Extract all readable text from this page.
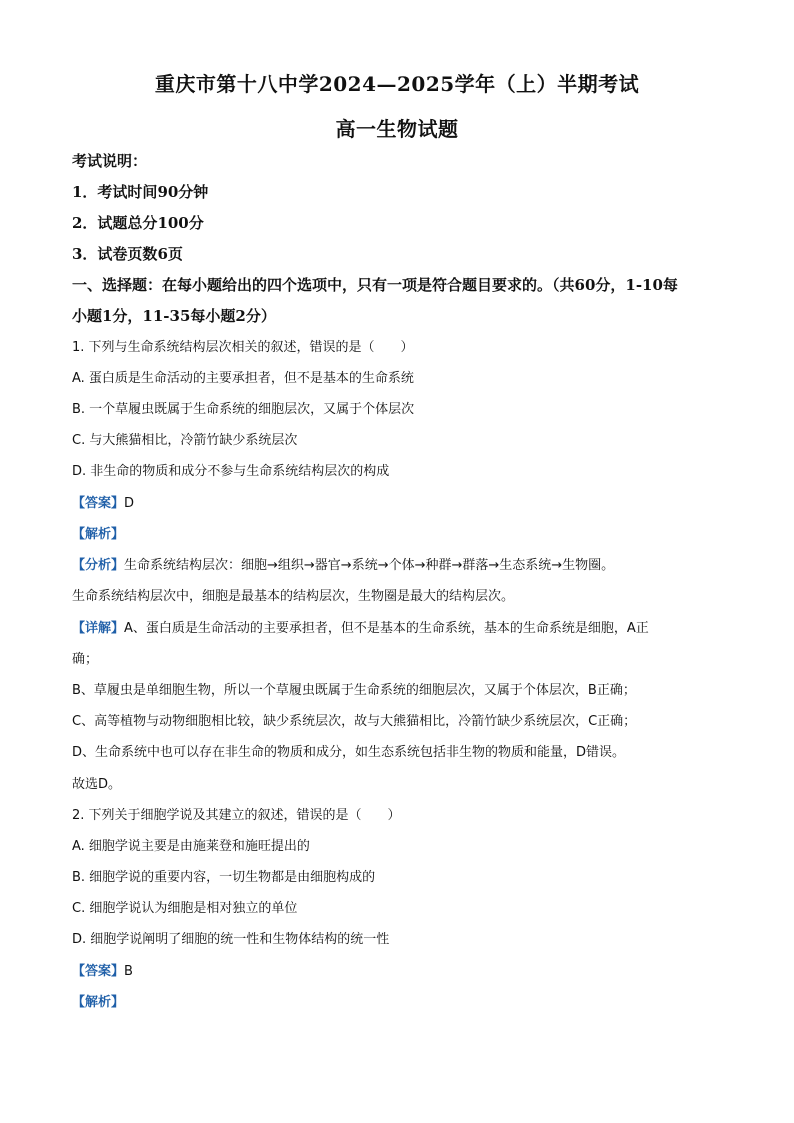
重庆市第十八中学2024—2025学年（上）半期考试
高一生物试题
考试说明：
1．考试时间90分钟
2．试题总分100分
3．试卷页数6页
一、选择题：在每小题给出的四个选项中，只有一项是符合题目要求的。（共60分，1-10每
小题1分，11-35每小题2分）
1. 下列与生命系统结构层次相关的叙述，错误的是（　　）
A. 蛋白质是生命活动的主要承担者，但不是基本的生命系统
B. 一个草履虫既属于生命系统的细胞层次，又属于个体层次
C. 与大熊猫相比，冷箭竹缺少系统层次
D. 非生命的物质和成分不参与生命系统结构层次的构成
【答案】D
【解析】
【分析】生命系统结构层次：细胞→组织→器官→系统→个体→种群→群落→生态系统→生物圈。
生命系统结构层次中，细胞是最基本的结构层次，生物圈是最大的结构层次。
【详解】A、蛋白质是生命活动的主要承担者，但不是基本的生命系统，基本的生命系统是细胞，A正
确；
B、草履虫是单细胞生物，所以一个草履虫既属于生命系统的细胞层次，又属于个体层次，B正确；
C、高等植物与动物细胞相比较，缺少系统层次，故与大熊猫相比，冷箭竹缺少系统层次，C正确；
D、生命系统中也可以存在非生命的物质和成分，如生态系统包括非生物的物质和能量，D错误。
故选D。
2. 下列关于细胞学说及其建立的叙述，错误的是（　　）
A. 细胞学说主要是由施莱登和施旺提出的
B. 细胞学说的重要内容，一切生物都是由细胞构成的
C. 细胞学说认为细胞是相对独立的单位
D. 细胞学说阐明了细胞的统一性和生物体结构的统一性
【答案】B
【解析】
